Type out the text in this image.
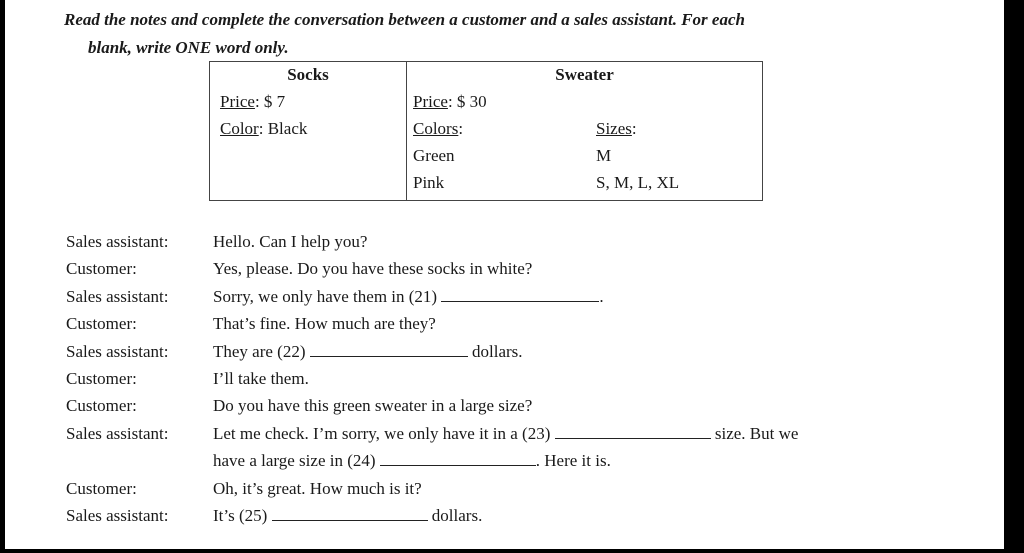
Read the notes and complete the conversation between a customer and a sales assistant. For each
blank, write ONE word only.
Socks
Price: $ 7
Color: Black

Sweater
Price: $ 30
Colors:	Sizes:
Green	M
Pink	S, M, L, XL
Sales assistant:	Hello. Can I help you?
Customer:	Yes, please. Do you have these socks in white?
Sales assistant:	Sorry, we only have them in (21)	.
Customer:	That’s fine. How much are they?
Sales assistant:	They are (22)	dollars.
Customer:	I’ll take them.
Customer:	Do you have this green sweater in a large size?
Sales assistant:	Let me check. I’m sorry, we only have it in a (23)	size. But we
have a large size in (24)	. Here it is.
Customer:	Oh, it’s great. How much is it?
Sales assistant:	It’s (25)	dollars.
